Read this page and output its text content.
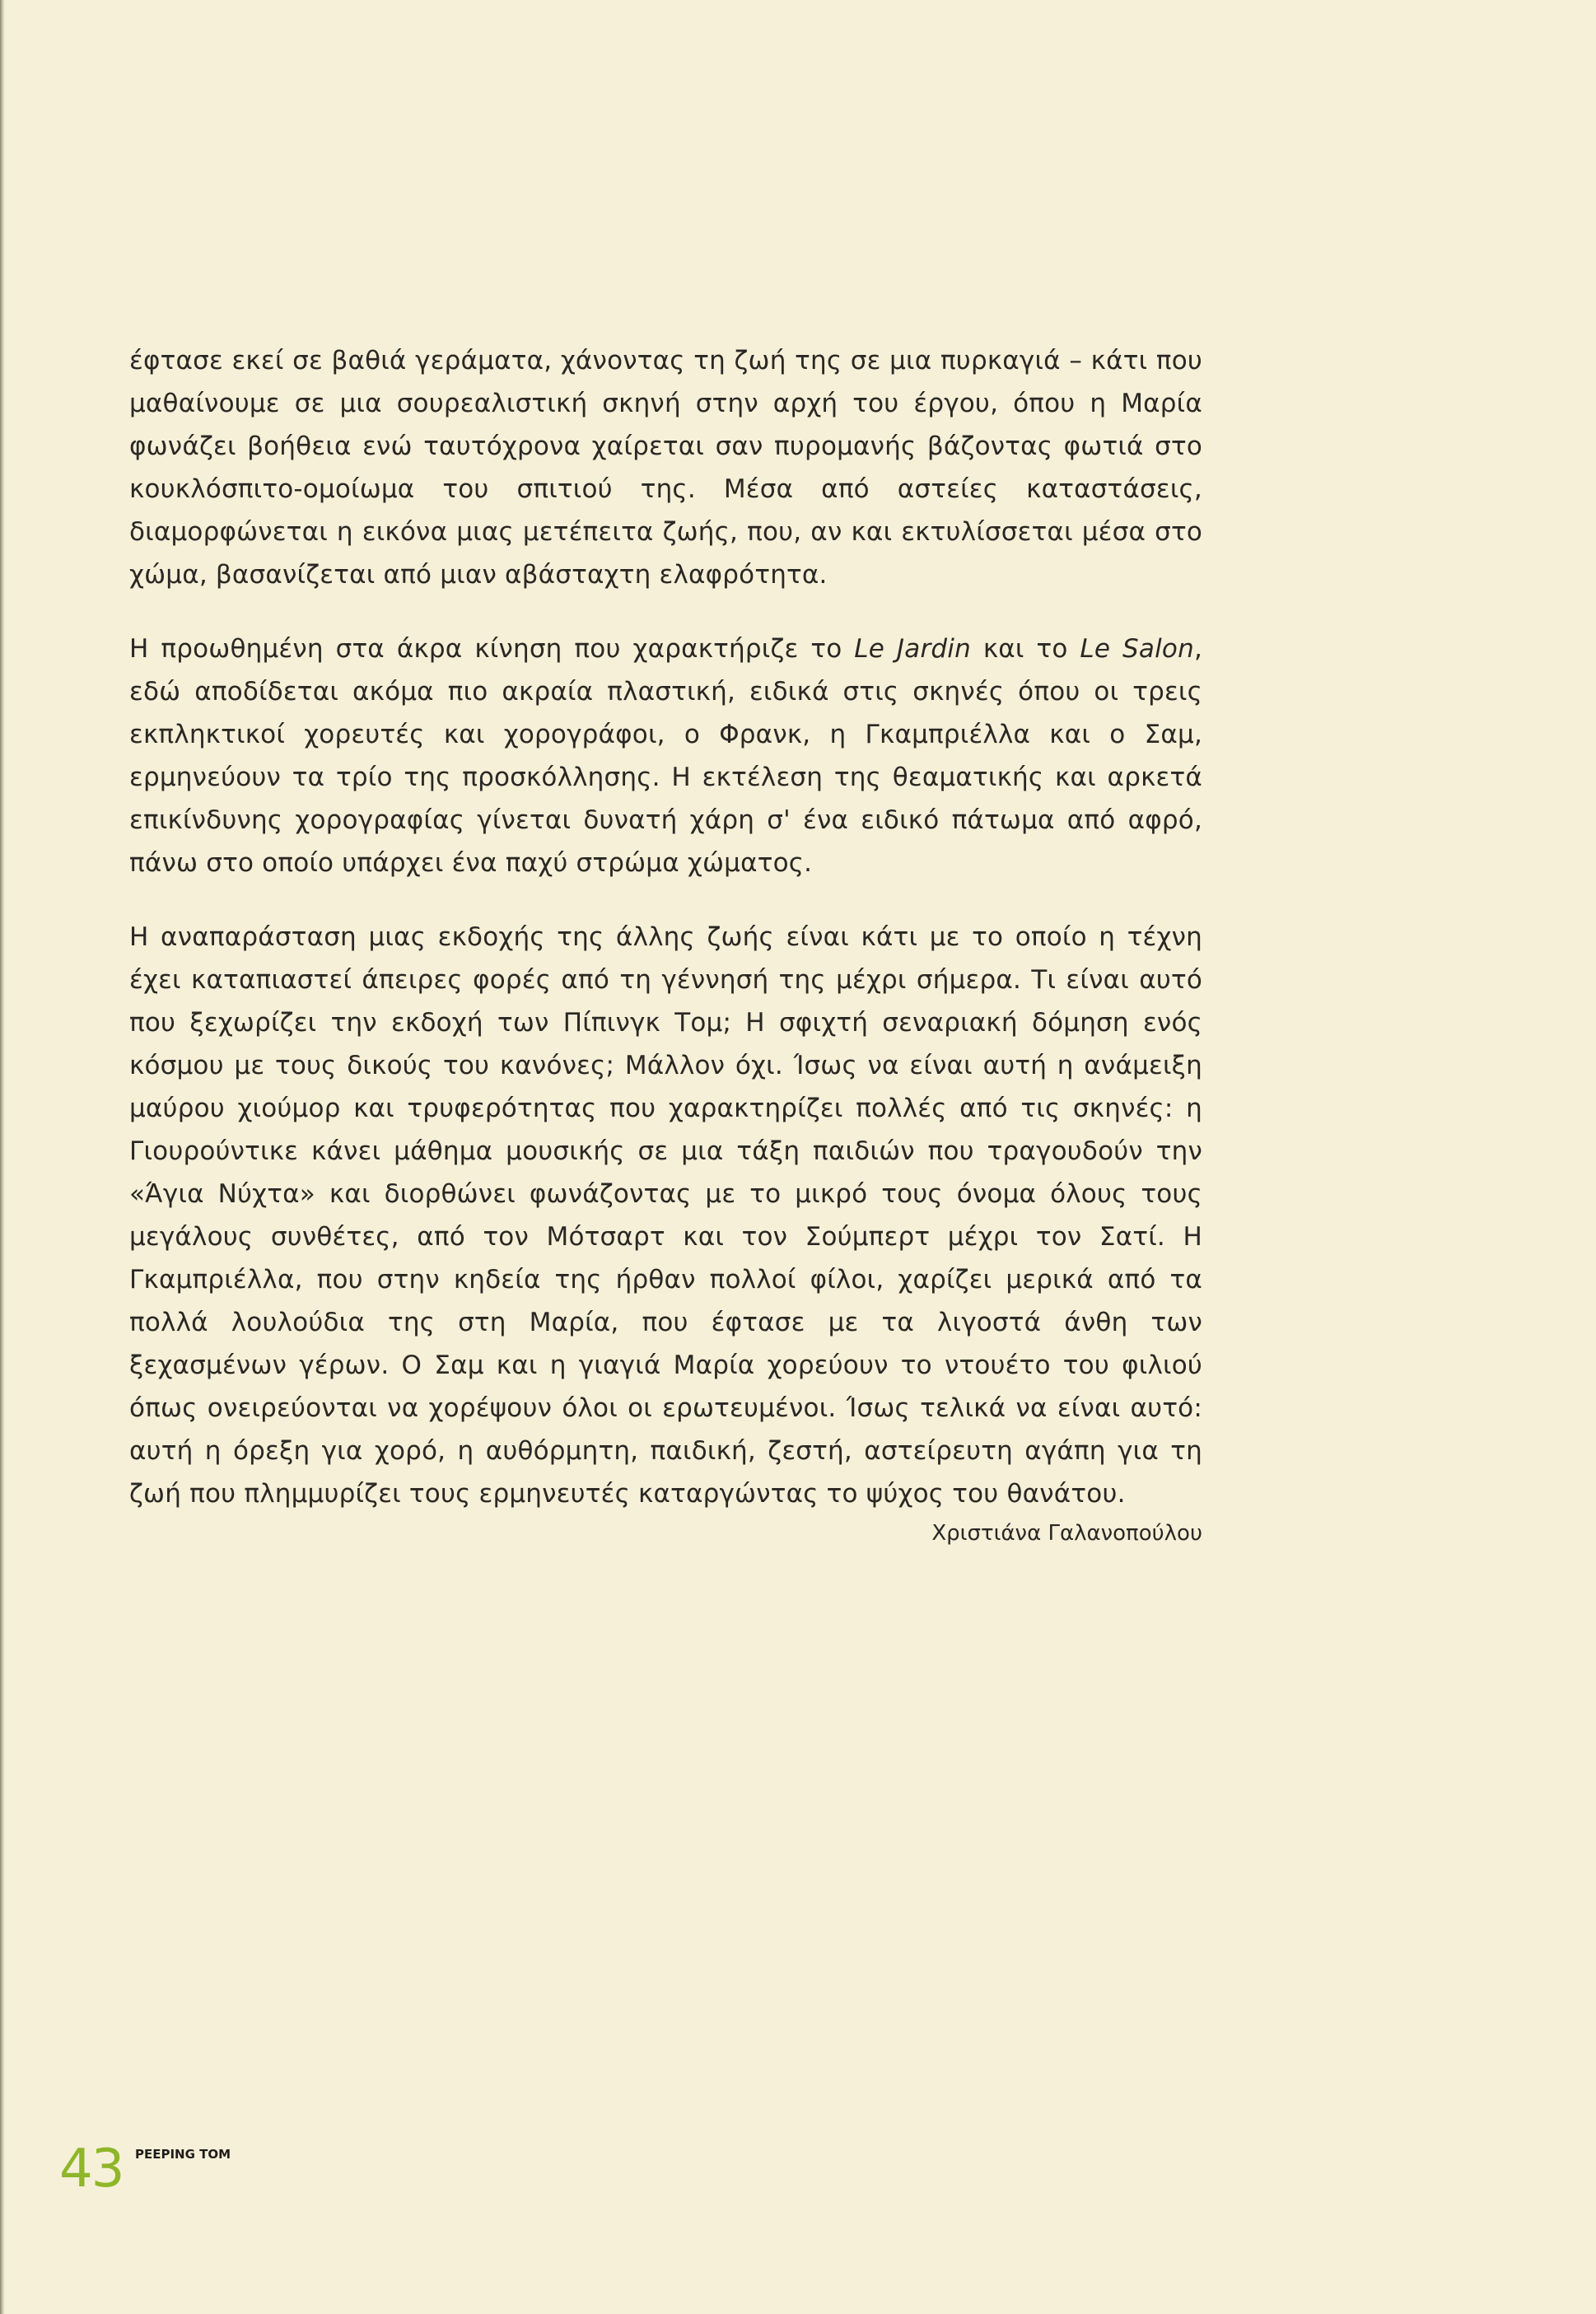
έφτασε εκεί σε βαθιά γεράματα, χάνοντας τη ζωή της σε μια πυρκαγιά – κάτι που μαθαίνουμε σε μια σουρεαλιστική σκηνή στην αρχή του έργου, όπου η Μαρία φωνάζει βοήθεια ενώ ταυτόχρονα χαίρεται σαν πυρομανής βάζοντας φωτιά στο κουκλόσπιτο-ομοίωμα του σπιτιού της. Μέσα από αστείες καταστάσεις, διαμορφώνεται η εικόνα μιας μετέπειτα ζωής, που, αν και εκτυλίσσεται μέσα στο χώμα, βασανίζεται από μιαν αβάσταχτη ελαφρότητα.

Η προωθημένη στα άκρα κίνηση που χαρακτήριζε το Le Jardin και το Le Salon, εδώ αποδίδεται ακόμα πιο ακραία πλαστική, ειδικά στις σκηνές όπου οι τρεις εκπληκτικοί χορευτές και χορογράφοι, ο Φρανκ, η Γκαμπριέλλα και ο Σαμ, ερμηνεύουν τα τρίο της προσκόλλησης. Η εκτέλεση της θεαματικής και αρκετά επικίνδυνης χορογραφίας γίνεται δυνατή χάρη σ' ένα ειδικό πάτωμα από αφρό, πάνω στο οποίο υπάρχει ένα παχύ στρώμα χώματος.

Η αναπαράσταση μιας εκδοχής της άλλης ζωής είναι κάτι με το οποίο η τέχνη έχει καταπιαστεί άπειρες φορές από τη γέννησή της μέχρι σήμερα. Τι είναι αυτό που ξεχωρίζει την εκδοχή των Πίπινγκ Τομ; Η σφιχτή σεναριακή δόμηση ενός κόσμου με τους δικούς του κανόνες; Μάλλον όχι. Ίσως να είναι αυτή η ανάμειξη μαύρου χιούμορ και τρυφερότητας που χαρακτηρίζει πολλές από τις σκηνές: η Γιουρούντικε κάνει μάθημα μουσικής σε μια τάξη παιδιών που τραγουδούν την «Άγια Νύχτα» και διορθώνει φωνάζοντας με το μικρό τους όνομα όλους τους μεγάλους συνθέτες, από τον Μότσαρτ και τον Σούμπερτ μέχρι τον Σατί. Η Γκαμπριέλλα, που στην κηδεία της ήρθαν πολλοί φίλοι, χαρίζει μερικά από τα πολλά λουλούδια της στη Μαρία, που έφτασε με τα λιγοστά άνθη των ξεχασμένων γέρων. Ο Σαμ και η γιαγιά Μαρία χορεύουν το ντουέτο του φιλιού όπως ονειρεύονται να χορέψουν όλοι οι ερωτευμένοι. Ίσως τελικά να είναι αυτό: αυτή η όρεξη για χορό, η αυθόρμητη, παιδική, ζεστή, αστείρευτη αγάπη για τη ζωή που πλημμυρίζει τους ερμηνευτές καταργώντας το ψύχος του θανάτου.

Χριστιάνα Γαλανοπούλου
43 PEEPING TOM
